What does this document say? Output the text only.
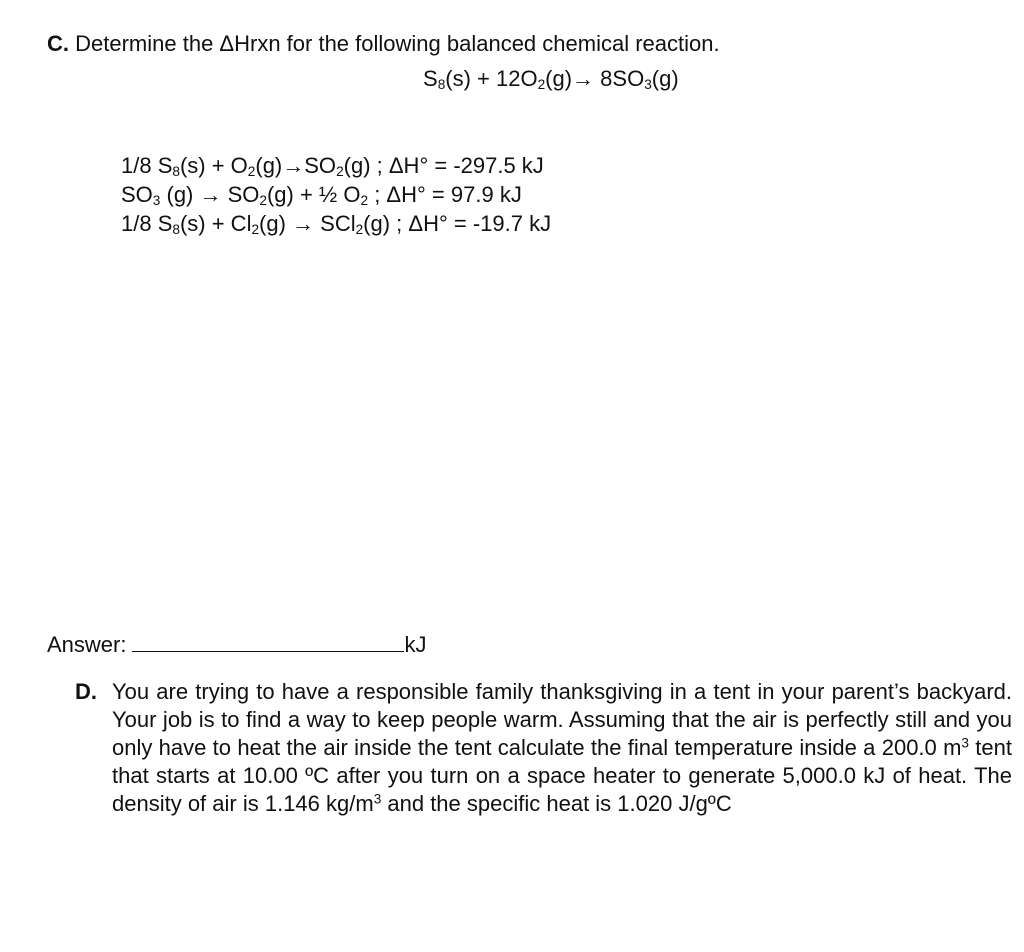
C. Determine the ΔHrxn for the following balanced chemical reaction.
$S_8(s) + 12O_2(g)\to 8SO_3(g)$
1/8 $S_8(s) + O_2(g)\to SO_2(g)$ ; ΔH° = -297.5 kJ
$SO_3$ $(g) \to SO_2(g)$ + ½ $O_2$ ; ΔH° = 97.9 kJ
1/8 $S_8(s) + Cl_2(g) \to SCl_2(g)$ ; ΔH° = -19.7 kJ
Answer:	kJ
D. You are trying to have a responsible family thanksgiving in a tent in your parent’s backyard. Your job is to find a way to keep people warm. Assuming that the air is perfectly still and you only have to heat the air inside the tent calculate the final temperature inside a 200.0 $m^3$ tent that starts at 10.00 ºC after you turn on a space heater to generate 5,000.0 kJ of heat. The density of air is 1.146 $kg/m^3$ and the specific heat is 1.020 J/gºC
